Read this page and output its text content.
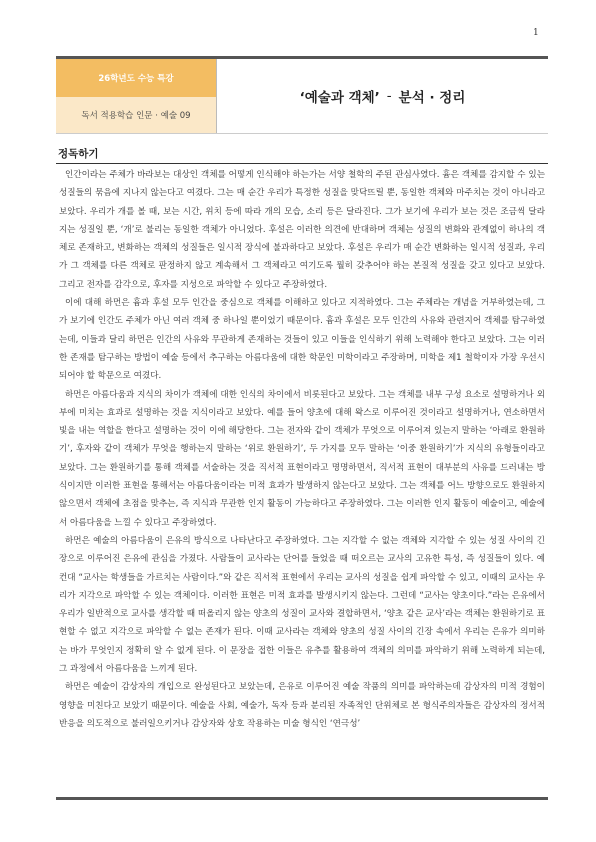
1
26학년도 수능 특강
독서 적용학습 인문 · 예술 09
‘예술과 객체’ - 분석 · 정리
정독하기

인간이라는 주체가 바라보는 대상인 객체를 어떻게 인식해야 하는가는 서양 철학의 주된 관심사였다. 흄은 객체를 감지할 수 있는 성질들의 묶음에 지나지 않는다고 여겼다. 그는 매 순간 우리가 특정한 성질을 맞닥뜨릴 뿐, 동일한 객체와 마주치는 것이 아니라고 보았다. 우리가 개를 볼 때, 보는 시간, 위치 등에 따라 개의 모습, 소리 등은 달라진다. 그가 보기에 우리가 보는 것은 조금씩 달라지는 성질일 뿐, ‘개’로 불리는 동일한 객체가 아니었다. 후설은 이러한 의견에 반대하며 객체는 성질의 변화와 관계없이 하나의 객체로 존재하고, 변화하는 객체의 성질들은 일시적 장식에 불과하다고 보았다. 후설은 우리가 매 순간 변화하는 일시적 성질과, 우리가 그 객체를 다른 객체로 판정하지 않고 계속해서 그 객체라고 여기도록 뭘히 갖추어야 하는 본질적 성질을 갖고 있다고 보았다. 그리고 전자를 감각으로, 후자를 지성으로 파악할 수 있다고 주장하였다.

이에 대해 하먼은 흄과 후설 모두 인간을 중심으로 객체를 이해하고 있다고 지적하였다. 그는 주체라는 개념을 거부하였는데, 그가 보기에 인간도 주체가 아닌 여러 객체 중 하나일 뿐이었기 때문이다. 흄과 후설은 모두 인간의 사유와 관련지어 객체를 탐구하였는데, 이들과 달리 하먼은 인간의 사유와 무관하게 존재하는 것들이 있고 이들을 인식하기 위해 노력해야 한다고 보았다. 그는 이러한 존재를 탐구하는 방법이 예술 등에서 추구하는 아름다움에 대한 학문인 미학이라고 주장하며, 미학을 제1 철학이자 가장 우선시되어야 할 학문으로 여겼다.

하먼은 아름다움과 지식의 차이가 객체에 대한 인식의 차이에서 비롯된다고 보았다. 그는 객체를 내부 구성 요소로 설명하거나 외부에 미치는 효과로 설명하는 것을 지식이라고 보았다. 예를 들어 양초에 대해 왁스로 이루어진 것이라고 설명하거나, 연소하면서 빛을 내는 역할을 한다고 설명하는 것이 이에 해당한다. 그는 전자와 같이 객체가 무엇으로 이루어져 있는지 말하는 ‘아래로 환원하기’, 후자와 같이 객체가 무엇을 행하는지 말하는 ‘위로 환원하기’, 두 가지를 모두 말하는 ‘이중 환원하기’가 지식의 유형들이라고 보았다. 그는 환원하기를 통해 객체를 서술하는 것을 직서적 표현이라고 명명하면서, 직서적 표현이 대부분의 사유를 드러내는 방식이지만 이러한 표현을 통해서는 아름다움이라는 미적 효과가 발생하지 않는다고 보았다. 그는 객체를 어느 방향으로도 환원하지 않으면서 객체에 초점을 맞추는, 즉 지식과 무관한 인지 활동이 가능하다고 주장하였다. 그는 이러한 인지 활동이 예술이고, 예술에서 아름다움을 느낄 수 있다고 주장하였다.

하먼은 예술의 아름다움이 은유의 방식으로 나타난다고 주장하였다. 그는 지각할 수 없는 객체와 지각할 수 있는 성질 사이의 긴장으로 이루어진 은유에 관심을 가졌다. 사람들이 교사라는 단어를 들었을 때 떠오르는 교사의 고유한 특성, 즉 성질들이 있다. 예컨대 “교사는 학생들을 가르치는 사람이다.”와 같은 직서적 표현에서 우리는 교사의 성질을 쉽게 파악할 수 있고, 이때의 교사는 우리가 지각으로 파악할 수 있는 객체이다. 이러한 표현은 미적 효과를 발생시키지 않는다. 그런데 “교사는 양초이다.”라는 은유에서 우리가 일반적으로 교사를 생각할 때 떠올리지 않는 양초의 성질이 교사와 결합하면서, ‘양초 같은 교사’라는 객체는 환원하기로 표현할 수 없고 지각으로 파악할 수 없는 존재가 된다. 이때 교사라는 객체와 양초의 성질 사이의 긴장 속에서 우리는 은유가 의미하는 바가 무엇인지 정확히 알 수 없게 된다. 이 문장을 접한 이들은 유추를 활용하여 객체의 의미를 파악하기 위해 노력하게 되는데, 그 과정에서 아름다움을 느끼게 된다.

하먼은 예술이 감상자의 개입으로 완성된다고 보았는데, 은유로 이루어진 예술 작품의 의미를 파악하는데 감상자의 미적 경험이 영향을 미친다고 보았기 때문이다. 예술을 사회, 예술가, 독자 등과 분리된 자족적인 단위체로 본 형식주의자들은 감상자의 정서적 반응을 의도적으로 불러일으키거나 감상자와 상호 작용하는 미술 형식인 ‘연극성’
